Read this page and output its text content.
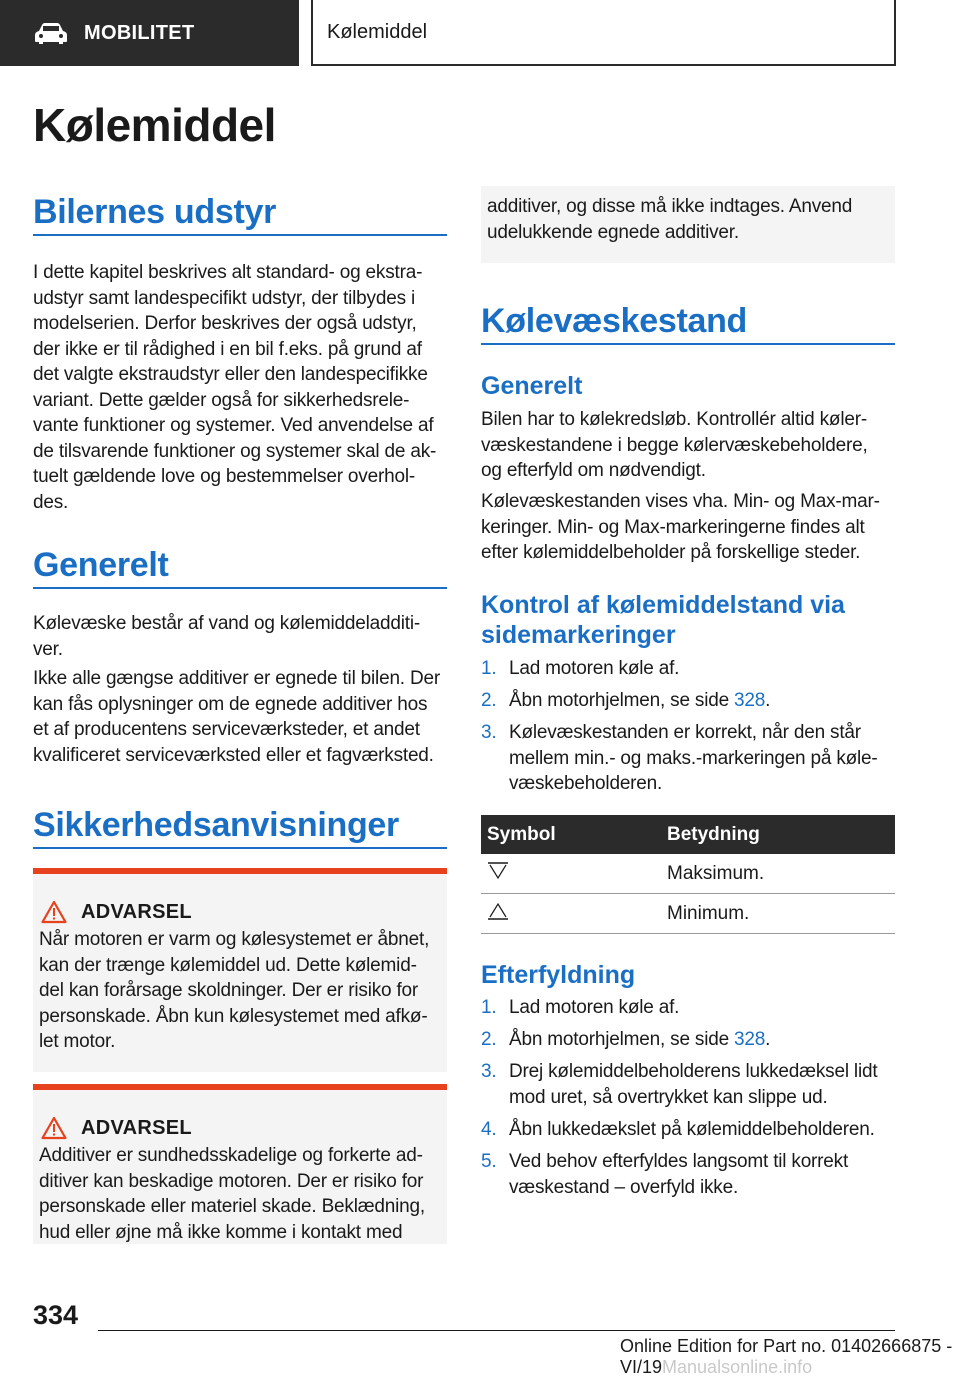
MOBILITET	Kølemiddel
Kølemiddel
Bilernes udstyr
I dette kapitel beskrives alt standard- og ekstra-
udstyr samt landespecifikt udstyr, der tilbydes i
modelserien. Derfor beskrives der også udstyr,
der ikke er til rådighed i en bil f.eks. på grund af
det valgte ekstraudstyr eller den landespecifikke
variant. Dette gælder også for sikkerhedsrele-
vante funktioner og systemer. Ved anvendelse af
de tilsvarende funktioner og systemer skal de ak-
tuelt gældende love og bestemmelser overhol-
des.
Generelt
Kølevæske består af vand og kølemiddeladditi-
ver.
Ikke alle gængse additiver er egnede til bilen. Der
kan fås oplysninger om de egnede additiver hos
et af producentens serviceværksteder, et andet
kvalificeret serviceværksted eller et fagværksted.
Sikkerhedsanvisninger
ADVARSEL
Når motoren er varm og kølesystemet er åbnet,
kan der trænge kølemiddel ud. Dette kølemid-
del kan forårsage skoldninger. Der er risiko for
personskade. Åbn kun kølesystemet med afkø-
let motor.
ADVARSEL
Additiver er sundhedsskadelige og forkerte ad-
ditiver kan beskadige motoren. Der er risiko for
personskade eller materiel skade. Beklædning,
hud eller øjne må ikke komme i kontakt med
additiver, og disse må ikke indtages. Anvend
udelukkende egnede additiver.
Kølevæskestand
Generelt
Bilen har to kølekredsløb. Kontrollér altid køler-
væskestandene i begge kølervæskebeholdere,
og efterfyld om nødvendigt.
Kølevæskestanden vises vha. Min- og Max-mar-
keringer. Min- og Max-markeringerne findes alt
efter kølemiddelbeholder på forskellige steder.
Kontrol af kølemiddelstand via
sidemarkeringer
1. Lad motoren køle af.
2. Åbn motorhjelmen, se side 328.
3. Kølevæskestanden er korrekt, når den står
mellem min.- og maks.-markeringen på køle-
væskebeholderen.
Symbol	Betydning
Maksimum.
Minimum.
Efterfyldning
1. Lad motoren køle af.
2. Åbn motorhjelmen, se side 328.
3. Drej kølemiddelbeholderens lukkedæksel lidt
mod uret, så overtrykket kan slippe ud.
4. Åbn lukkedækslet på kølemiddelbeholderen.
5. Ved behov efterfyldes langsomt til korrekt
væskestand – overfyld ikke.
334
Online Edition for Part no. 01402666875 - VI/19Manualsonline.info
